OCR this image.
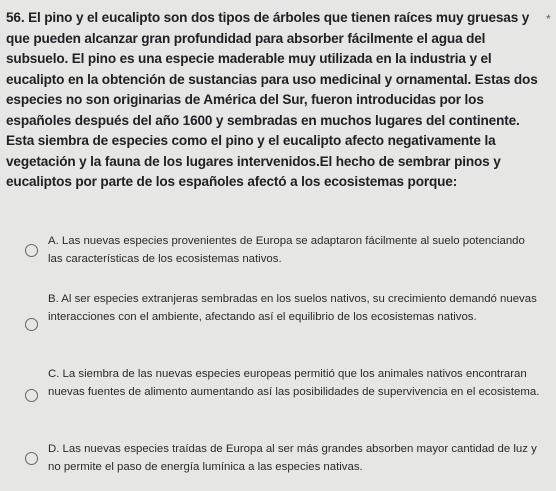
56. El pino y el eucalipto son dos tipos de árboles que tienen raíces muy gruesas y que pueden alcanzar gran profundidad para absorber fácilmente el agua del subsuelo. El pino es una especie maderable muy utilizada en la industria y el eucalipto en la obtención de sustancias para uso medicinal y ornamental. Estas dos especies no son originarias de América del Sur, fueron introducidas por los españoles después del año 1600 y sembradas en muchos lugares del continente. Esta siembra de especies como el pino y el eucalipto afecto negativamente la vegetación y la fauna de los lugares intervenidos.El hecho de sembrar pinos y eucaliptos por parte de los españoles afectó a los ecosistemas porque:
*
A. Las nuevas especies provenientes de Europa se adaptaron fácilmente al suelo potenciando las características de los ecosistemas nativos.
B. Al ser especies extranjeras sembradas en los suelos nativos, su crecimiento demandó nuevas interacciones con el ambiente, afectando así el equilibrio de los ecosistemas nativos.
C. La siembra de las nuevas especies europeas permitió que los animales nativos encontraran nuevas fuentes de alimento aumentando así las posibilidades de supervivencia en el ecosistema.
D. Las nuevas especies traídas de Europa al ser más grandes absorben mayor cantidad de luz y no permite el paso de energía lumínica a las especies nativas.
